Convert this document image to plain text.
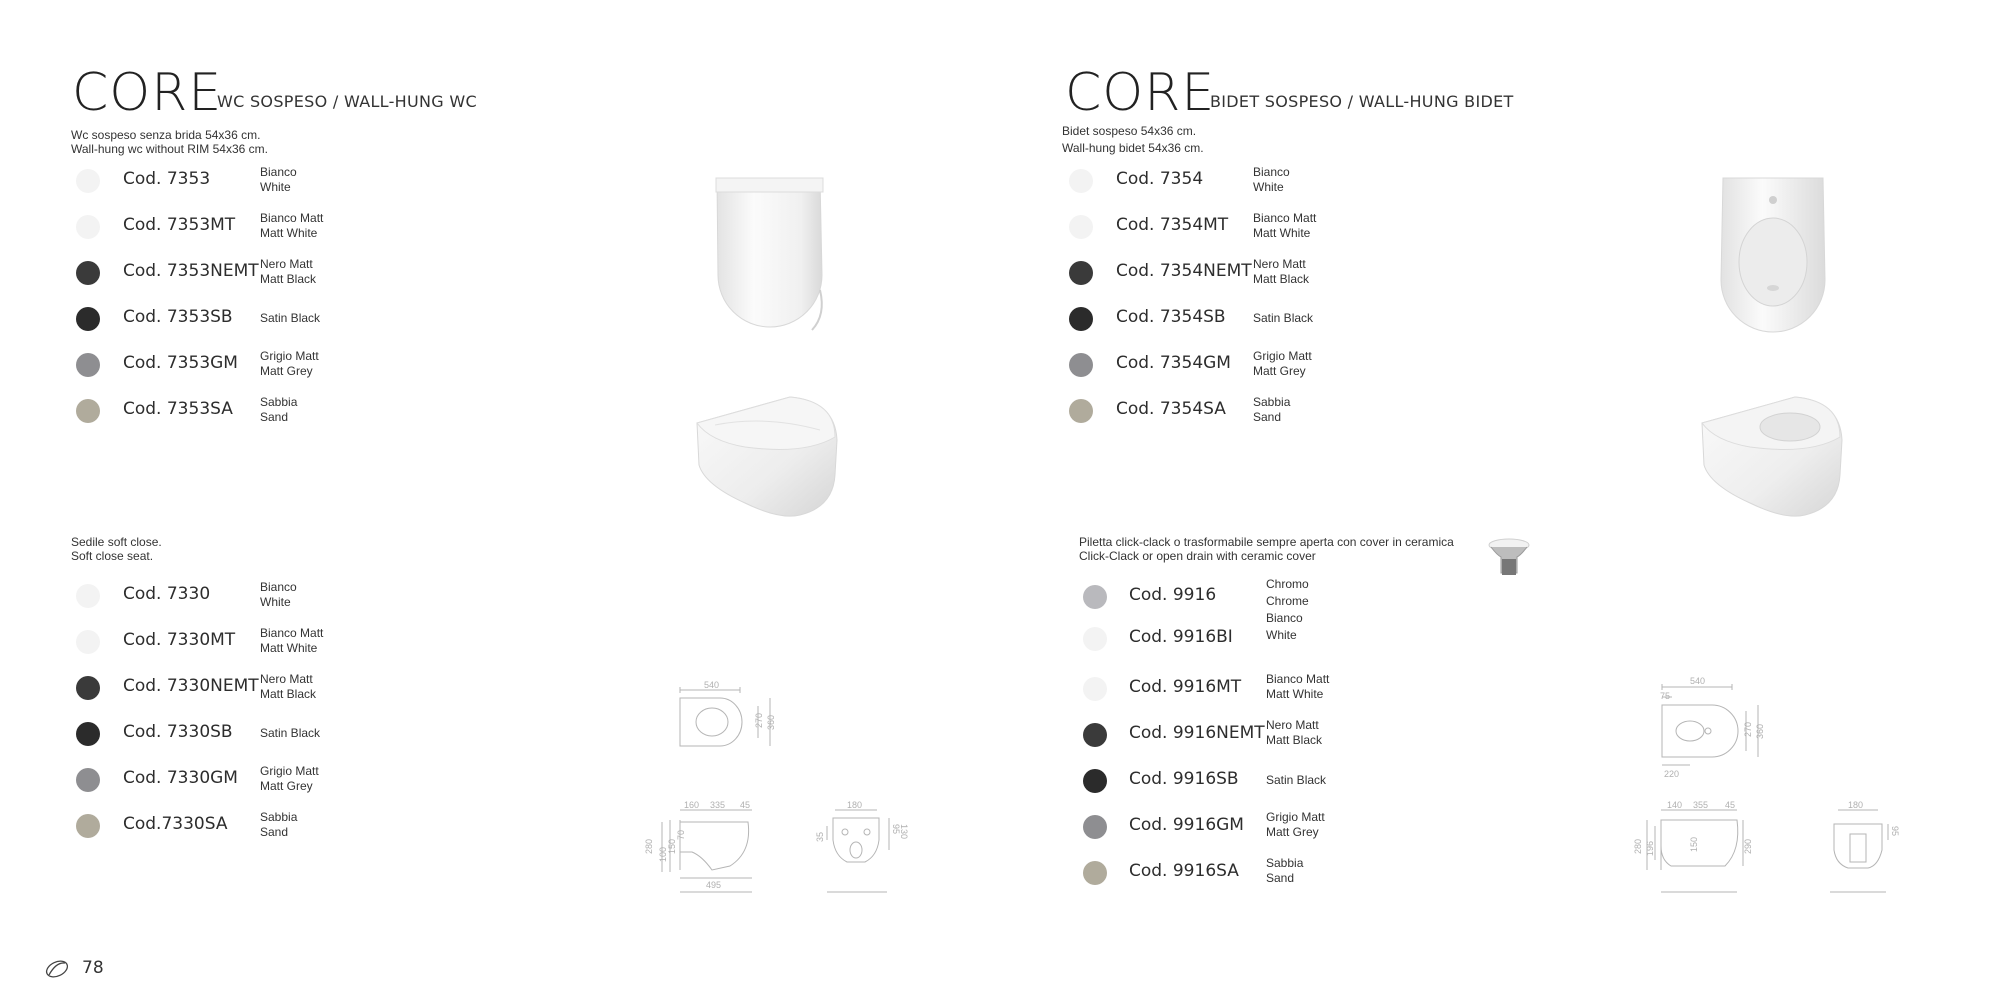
CORE
WC SOSPESO / WALL-HUNG WC
Wc sospeso senza brida 54x36 cm.
Wall-hung wc without RIM 54x36 cm.
Cod. 7353	Bianco
White
Cod. 7353MT Bianco Matt
Matt White
Cod. 7353NEMT Nero Matt
Matt Black
Cod. 7353SB Satin Black
Cod. 7353GM Grigio Matt
Matt Grey
Cod. 7353SA Sabbia
Sand
Sedile soft close.
Soft close seat.
Cod. 7330	Bianco
White
Cod. 7330MT Bianco Matt
Matt White
Cod. 7330NEMT Nero Matt
Matt Black
Cod. 7330SB Satin Black
Cod. 7330GM Grigio Matt
Matt Grey
Cod.7330SA	Sabbia
Sand
540
270 360
160 335 45
280
100
150
70
495
180
35
95
130
78
CORE
BIDET SOSPESO / WALL-HUNG BIDET
Bidet sospeso 54x36 cm.
Wall-hung bidet 54x36 cm.
Cod. 7354	Bianco
White
Cod. 7354MT Bianco Matt
Matt White
Cod. 7354NEMT Nero Matt
Matt Black
Cod. 7354SB Satin Black
Cod. 7354GM Grigio Matt
Matt Grey
Cod. 7354SA Sabbia
Sand
Piletta click-clack o trasformabile sempre aperta con cover in ceramica
Click-Clack or open drain with ceramic cover
Cod. 9916
Chromo
Chrome
Cod. 9916BI
Bianco
White
Cod. 9916MT Bianco Matt
Matt White
Cod. 9916NEMT Nero Matt
Matt Black
Cod. 9916SB Satin Black
Cod. 9916GM Grigio Matt
Matt Grey
Cod. 9916SA Sabbia
Sand
540
75
270 360
220
140 355 45
280 196	150	290
180
95
